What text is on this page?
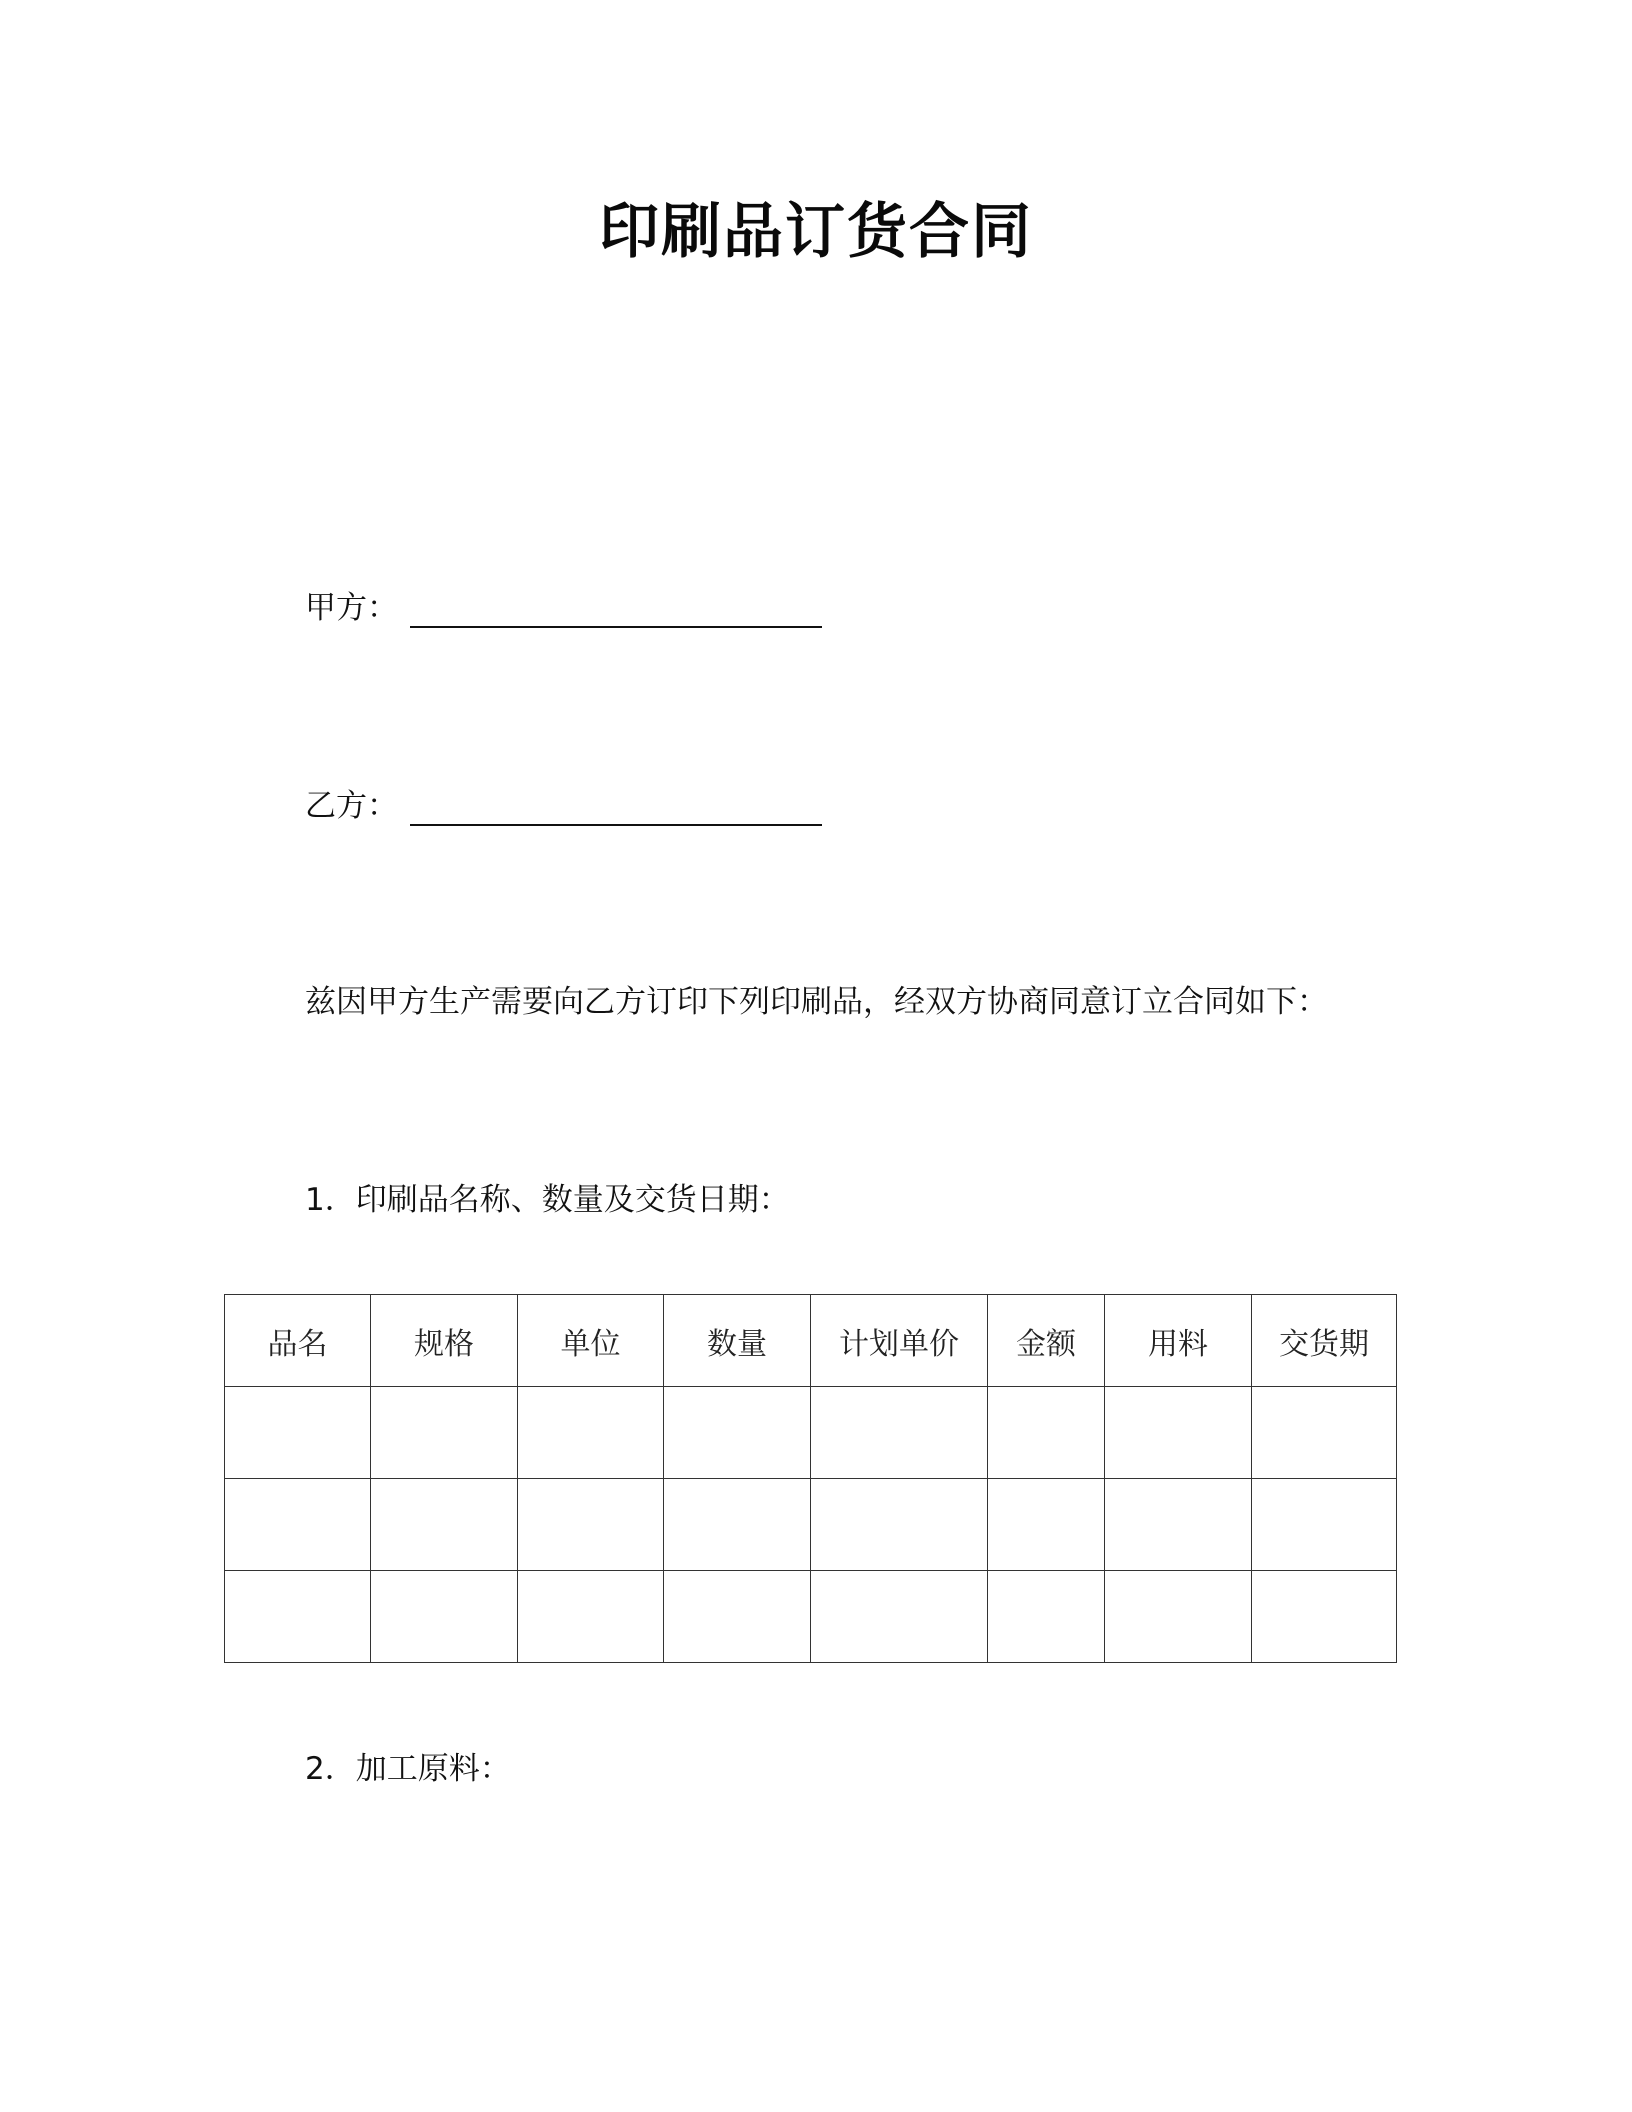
印刷品订货合同
甲方：
乙方：
兹因甲方生产需要向乙方订印下列印刷品，经双方协商同意订立合同如下：
1．印刷品名称、数量及交货日期：
品名	规格	单位	数量	计划单价	金额	用料	交货期

2．加工原料：
